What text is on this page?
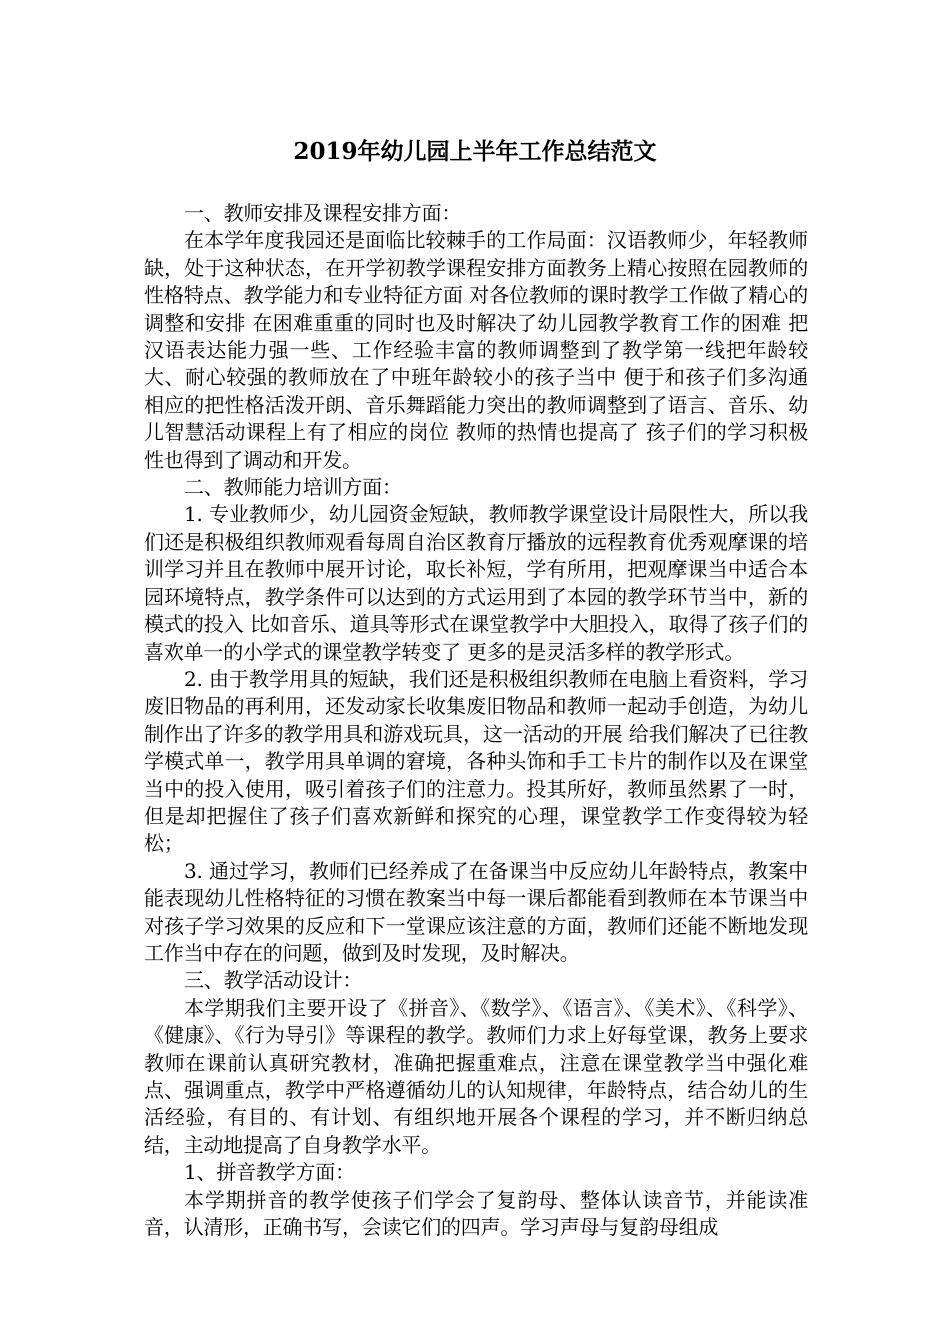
2019年幼儿园上半年工作总结范文

一、教师安排及课程安排方面：

在本学年度我园还是面临比较棘手的工作局面：汉语教师少，年轻教师缺，处于这种状态，在开学初教学课程安排方面教务上精心按照在园教师的性格特点、教学能力和专业特征方面 对各位教师的课时教学工作做了精心的调整和安排 在困难重重的同时也及时解决了幼儿园教学教育工作的困难 把汉语表达能力强一些、工作经验丰富的教师调整到了教学第一线把年龄较大、耐心较强的教师放在了中班年龄较小的孩子当中 便于和孩子们多沟通 相应的把性格活泼开朗、音乐舞蹈能力突出的教师调整到了语言、音乐、幼儿智慧活动课程上有了相应的岗位 教师的热情也提高了 孩子们的学习积极性也得到了调动和开发。

二、教师能力培训方面：

1. 专业教师少，幼儿园资金短缺，教师教学课堂设计局限性大，所以我们还是积极组织教师观看每周自治区教育厅播放的远程教育优秀观摩课的培训学习并且在教师中展开讨论，取长补短，学有所用，把观摩课当中适合本园环境特点，教学条件可以达到的方式运用到了本园的教学环节当中，新的模式的投入 比如音乐、道具等形式在课堂教学中大胆投入，取得了孩子们的喜欢单一的小学式的课堂教学转变了 更多的是灵活多样的教学形式。

2. 由于教学用具的短缺，我们还是积极组织教师在电脑上看资料，学习废旧物品的再利用，还发动家长收集废旧物品和教师一起动手创造，为幼儿制作出了许多的教学用具和游戏玩具，这一活动的开展 给我们解决了已往教学模式单一，教学用具单调的窘境，各种头饰和手工卡片的制作以及在课堂当中的投入使用，吸引着孩子们的注意力。投其所好，教师虽然累了一时，但是却把握住了孩子们喜欢新鲜和探究的心理，课堂教学工作变得较为轻松；

3. 通过学习，教师们已经养成了在备课当中反应幼儿年龄特点，教案中能表现幼儿性格特征的习惯在教案当中每一课后都能看到教师在本节课当中对孩子学习效果的反应和下一堂课应该注意的方面，教师们还能不断地发现工作当中存在的问题，做到及时发现，及时解决。

三、教学活动设计：

本学期我们主要开设了《拼音》、《数学》、《语言》、《美术》、《科学》、《健康》、《行为导引》等课程的教学。教师们力求上好每堂课，教务上要求教师在课前认真研究教材，准确把握重难点，注意在课堂教学当中强化难点、强调重点，教学中严格遵循幼儿的认知规律，年龄特点，结合幼儿的生活经验，有目的、有计划、有组织地开展各个课程的学习，并不断归纳总结，主动地提高了自身教学水平。

1、拼音教学方面：

本学期拼音的教学使孩子们学会了复韵母、整体认读音节，并能读准音，认清形，正确书写，会读它们的四声。学习声母与复韵母组成
